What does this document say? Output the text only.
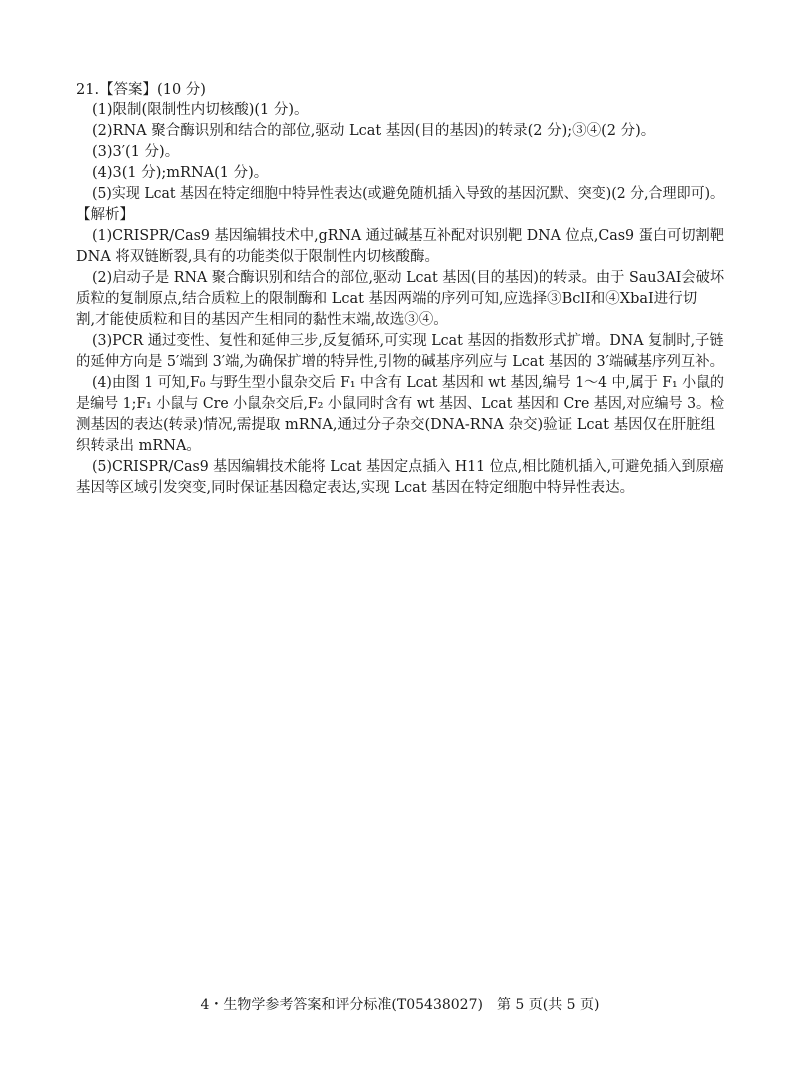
21.【答案】(10 分)
(1)限制(限制性内切核酸)(1 分)。
(2)RNA 聚合酶识别和结合的部位,驱动 Lcat 基因(目的基因)的转录(2 分);③④(2 分)。
(3)3′(1 分)。
(4)3(1 分);mRNA(1 分)。
(5)实现 Lcat 基因在特定细胞中特异性表达(或避免随机插入导致的基因沉默、突变)(2 分,合理即可)。
【解析】
(1)CRISPR/Cas9 基因编辑技术中,gRNA 通过碱基互补配对识别靶 DNA 位点,Cas9 蛋白可切割靶
DNA 将双链断裂,具有的功能类似于限制性内切核酸酶。
(2)启动子是 RNA 聚合酶识别和结合的部位,驱动 Lcat 基因(目的基因)的转录。由于 Sau3AⅠ会破坏
质粒的复制原点,结合质粒上的限制酶和 Lcat 基因两端的序列可知,应选择③BclⅠ和④XbaⅠ进行切
割,才能使质粒和目的基因产生相同的黏性末端,故选③④。
(3)PCR 通过变性、复性和延伸三步,反复循环,可实现 Lcat 基因的指数形式扩增。DNA 复制时,子链
的延伸方向是 5′端到 3′端,为确保扩增的特异性,引物的碱基序列应与 Lcat 基因的 3′端碱基序列互补。
(4)由图 1 可知,F₀ 与野生型小鼠杂交后 F₁ 中含有 Lcat 基因和 wt 基因,编号 1～4 中,属于 F₁ 小鼠的
是编号 1;F₁ 小鼠与 Cre 小鼠杂交后,F₂ 小鼠同时含有 wt 基因、Lcat 基因和 Cre 基因,对应编号 3。检
测基因的表达(转录)情况,需提取 mRNA,通过分子杂交(DNA-RNA 杂交)验证 Lcat 基因仅在肝脏组
织转录出 mRNA。
(5)CRISPR/Cas9 基因编辑技术能将 Lcat 基因定点插入 H11 位点,相比随机插入,可避免插入到原癌
基因等区域引发突变,同时保证基因稳定表达,实现 Lcat 基因在特定细胞中特异性表达。
4・生物学参考答案和评分标准(T05438027)　第 5 页(共 5 页)
